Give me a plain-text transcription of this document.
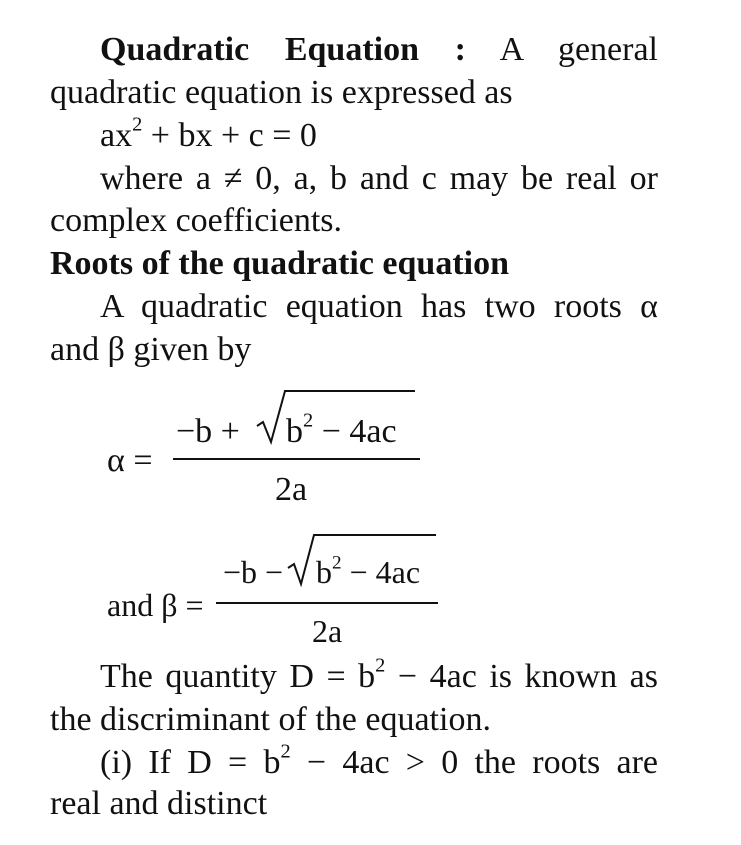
Quadratic Equation : A general
quadratic equation is expressed as
$ax^2$ + bx + c = 0
where a ≠ 0, a, b and c may be real or
complex coefficients.
Roots of the quadratic equation
A quadratic equation has two roots α
and β given by
α =
$-b + b^2 - 4ac$
2a
and β =
$-b - b^2 - 4ac$
2a
The quantity $D = b^2 - 4ac$ is known as
the discriminant of the equation.
(i) If $D = b^2 - 4ac > 0$ the roots are
real and distinct
